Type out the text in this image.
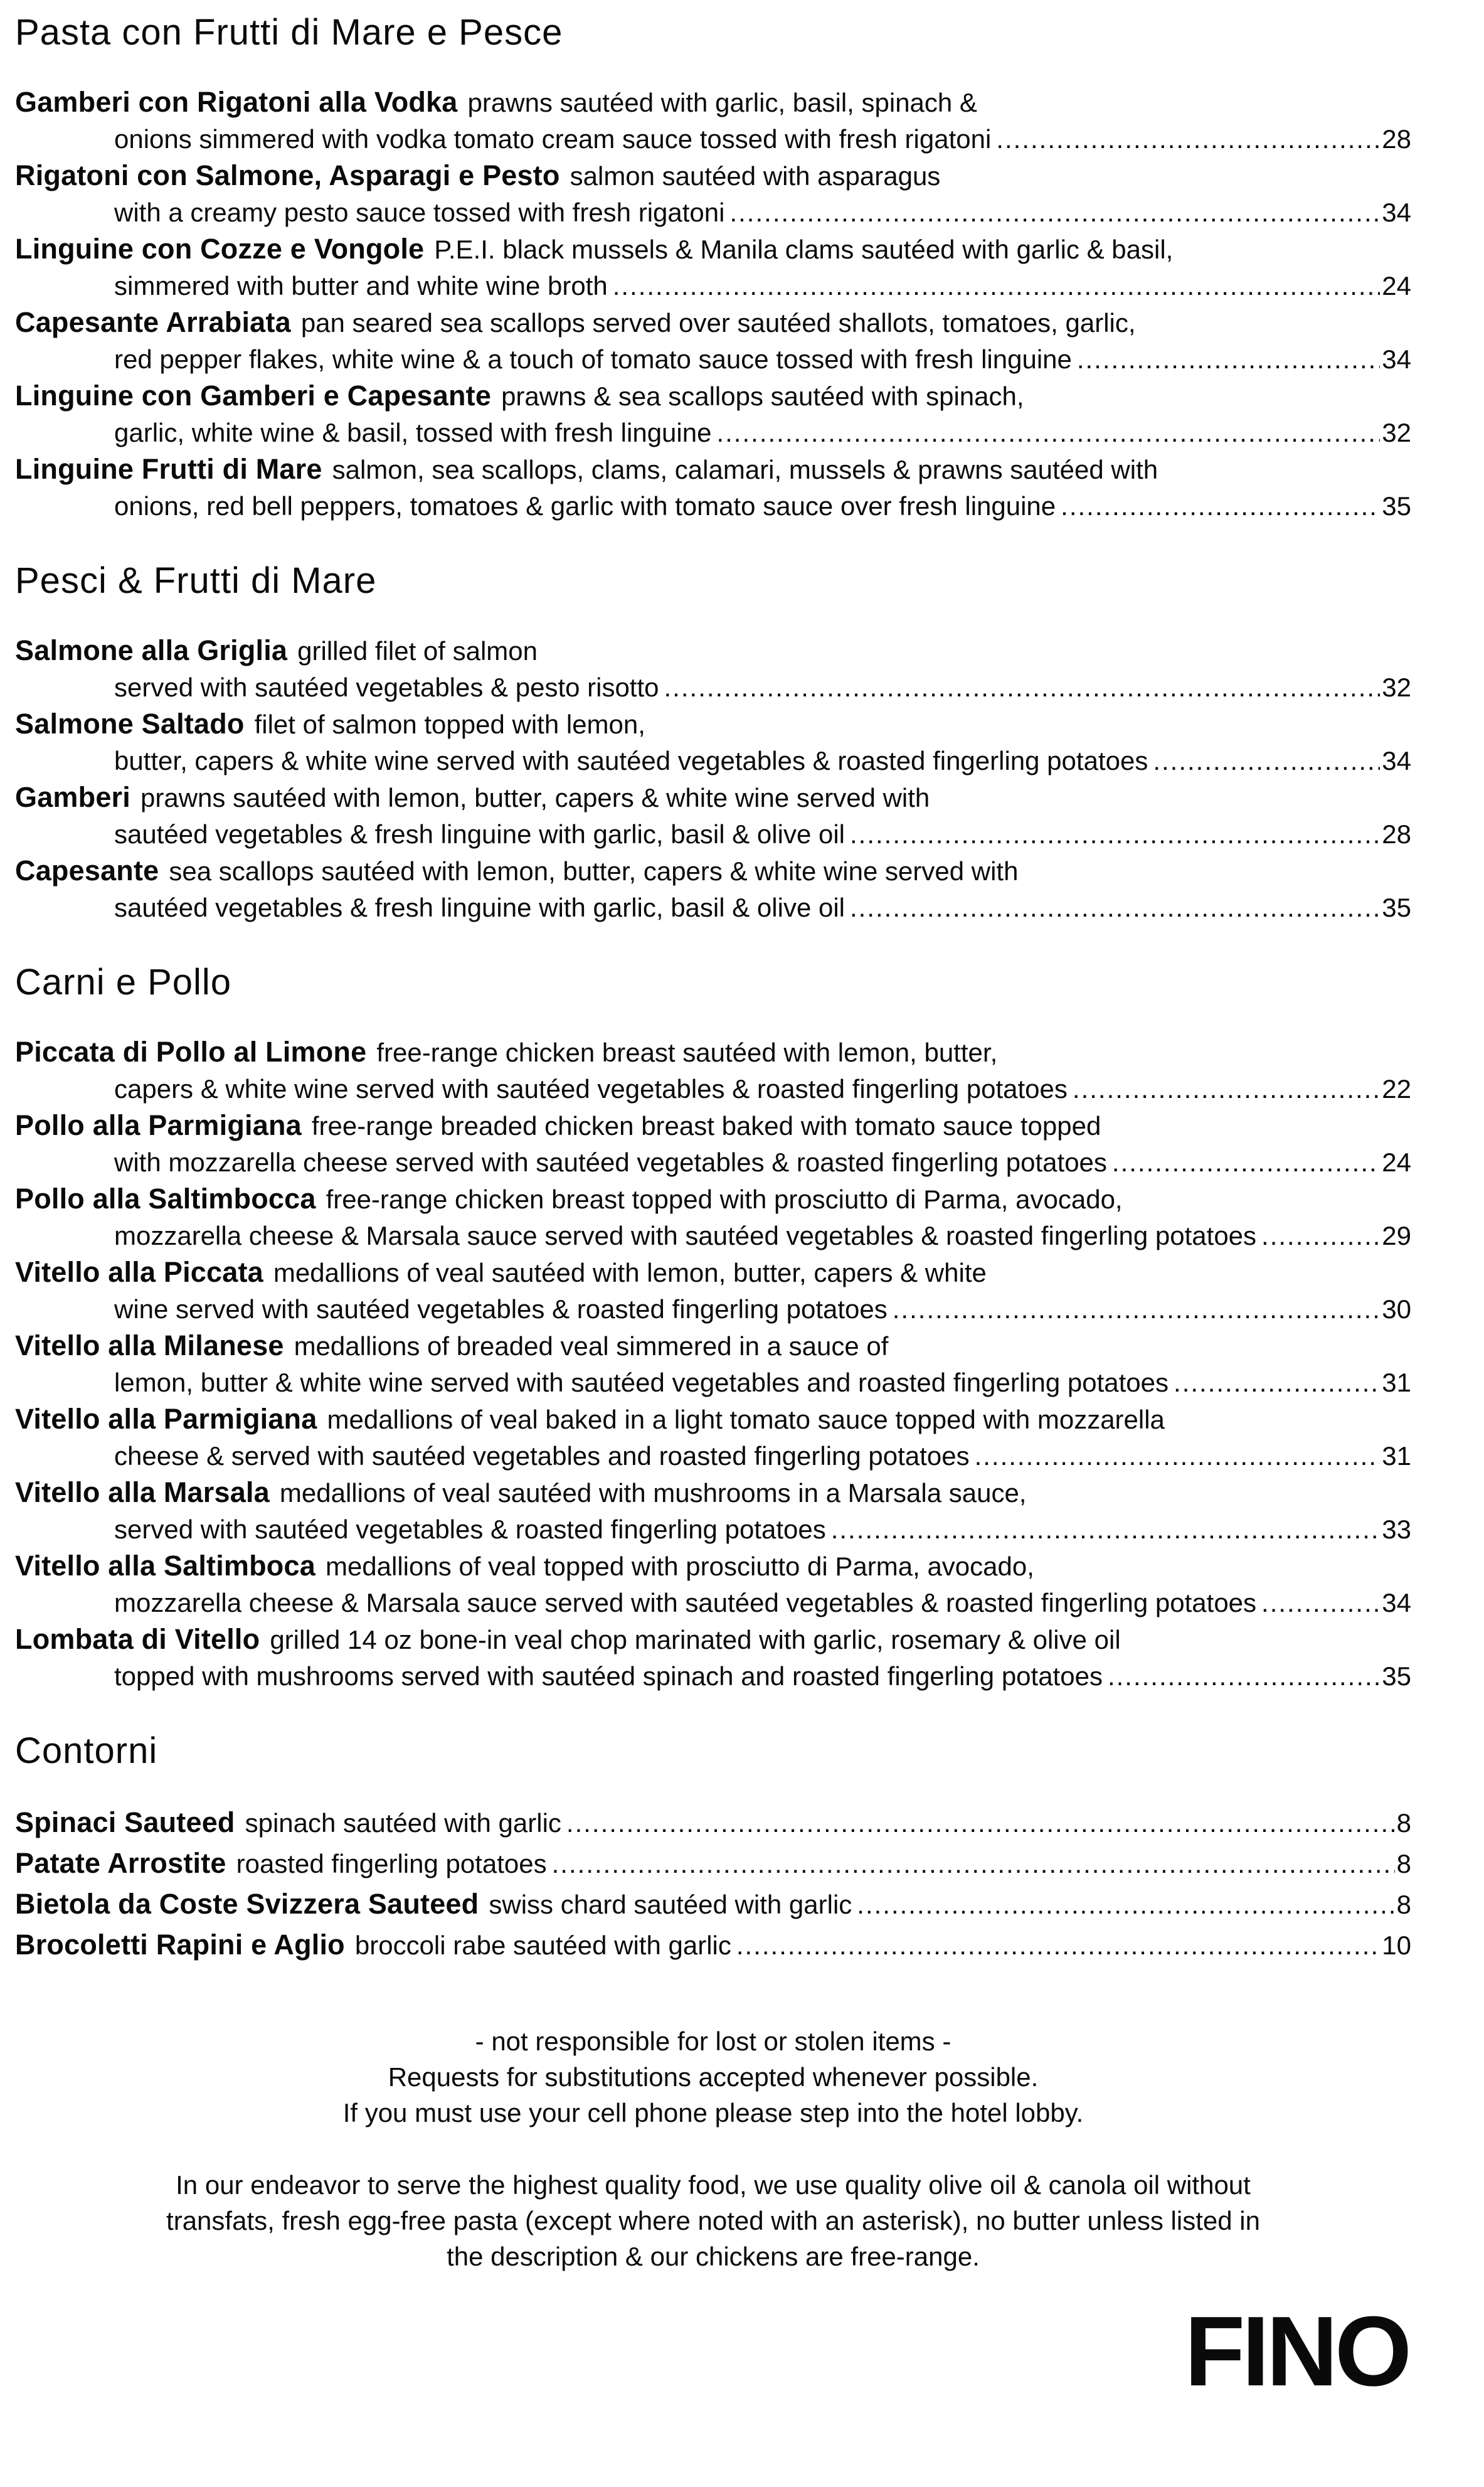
Pasta con Frutti di Mare e Pesce
Gamberi con Rigatoni alla Vodka prawns sautéed with garlic, basil, spinach &
onions simmered with vodka tomato cream sauce tossed with fresh rigatoni .....	28
Rigatoni con Salmone, Asparagi e Pesto salmon sautéed with asparagus
with a creamy pesto sauce tossed with fresh rigatoni .....	34
Linguine con Cozze e Vongole P.E.I. black mussels & Manila clams sautéed with garlic & basil,
simmered with butter and white wine broth .....	24
Capesante Arrabiata pan seared sea scallops served over sautéed shallots, tomatoes, garlic,
red pepper flakes, white wine & a touch of tomato sauce tossed with fresh linguine .....	34
Linguine con Gamberi e Capesante prawns & sea scallops sautéed with spinach,
garlic, white wine & basil, tossed with fresh linguine .....	32
Linguine Frutti di Mare salmon, sea scallops, clams, calamari, mussels & prawns sautéed with
onions, red bell peppers, tomatoes & garlic with tomato sauce over fresh linguine .....	35
Pesci & Frutti di Mare
Salmone alla Griglia grilled filet of salmon
served with sautéed vegetables & pesto risotto .....	32
Salmone Saltado filet of salmon topped with lemon,
butter, capers & white wine served with sautéed vegetables & roasted fingerling potatoes .....	34
Gamberi prawns sautéed with lemon, butter, capers & white wine served with
sautéed vegetables & fresh linguine with garlic, basil & olive oil .....	28
Capesante sea scallops sautéed with lemon, butter, capers & white wine served with
sautéed vegetables & fresh linguine with garlic, basil & olive oil .....	35
Carni e Pollo
Piccata di Pollo al Limone free-range chicken breast sautéed with lemon, butter,
capers & white wine served with sautéed vegetables & roasted fingerling potatoes .....	22
Pollo alla Parmigiana free-range breaded chicken breast baked with tomato sauce topped
with mozzarella cheese served with sautéed vegetables & roasted fingerling potatoes .....	24
Pollo alla Saltimbocca free-range chicken breast topped with prosciutto di Parma, avocado,
mozzarella cheese & Marsala sauce served with sautéed vegetables & roasted fingerling potatoes .....	29
Vitello alla Piccata medallions of veal sautéed with lemon, butter, capers & white
wine served with sautéed vegetables & roasted fingerling potatoes .....	30
Vitello alla Milanese medallions of breaded veal simmered in a sauce of
lemon, butter & white wine served with sautéed vegetables and roasted fingerling potatoes .....	31
Vitello alla Parmigiana medallions of veal baked in a light tomato sauce topped with mozzarella
cheese & served with sautéed vegetables and roasted fingerling potatoes .....	31
Vitello alla Marsala medallions of veal sautéed with mushrooms in a Marsala sauce,
served with sautéed vegetables & roasted fingerling potatoes .....	33
Vitello alla Saltimboca medallions of veal topped with prosciutto di Parma, avocado,
mozzarella cheese & Marsala sauce served with sautéed vegetables & roasted fingerling potatoes .....	34
Lombata di Vitello grilled 14 oz bone-in veal chop marinated with garlic, rosemary & olive oil
topped with mushrooms served with sautéed spinach and roasted fingerling potatoes .....	35
Contorni
Spinaci Sauteed spinach sautéed with garlic .....	8
Patate Arrostite roasted fingerling potatoes .....	8
Bietola da Coste Svizzera Sauteed swiss chard sautéed with garlic .....	8
Brocoletti Rapini e Aglio broccoli rabe sautéed with garlic .....	10
- not responsible for lost or stolen items -
Requests for substitutions accepted whenever possible.
If you must use your cell phone please step into the hotel lobby.
In our endeavor to serve the highest quality food, we use quality olive oil & canola oil without
transfats, fresh egg-free pasta (except where noted with an asterisk), no butter unless listed in
the description & our chickens are free-range.
FINO
